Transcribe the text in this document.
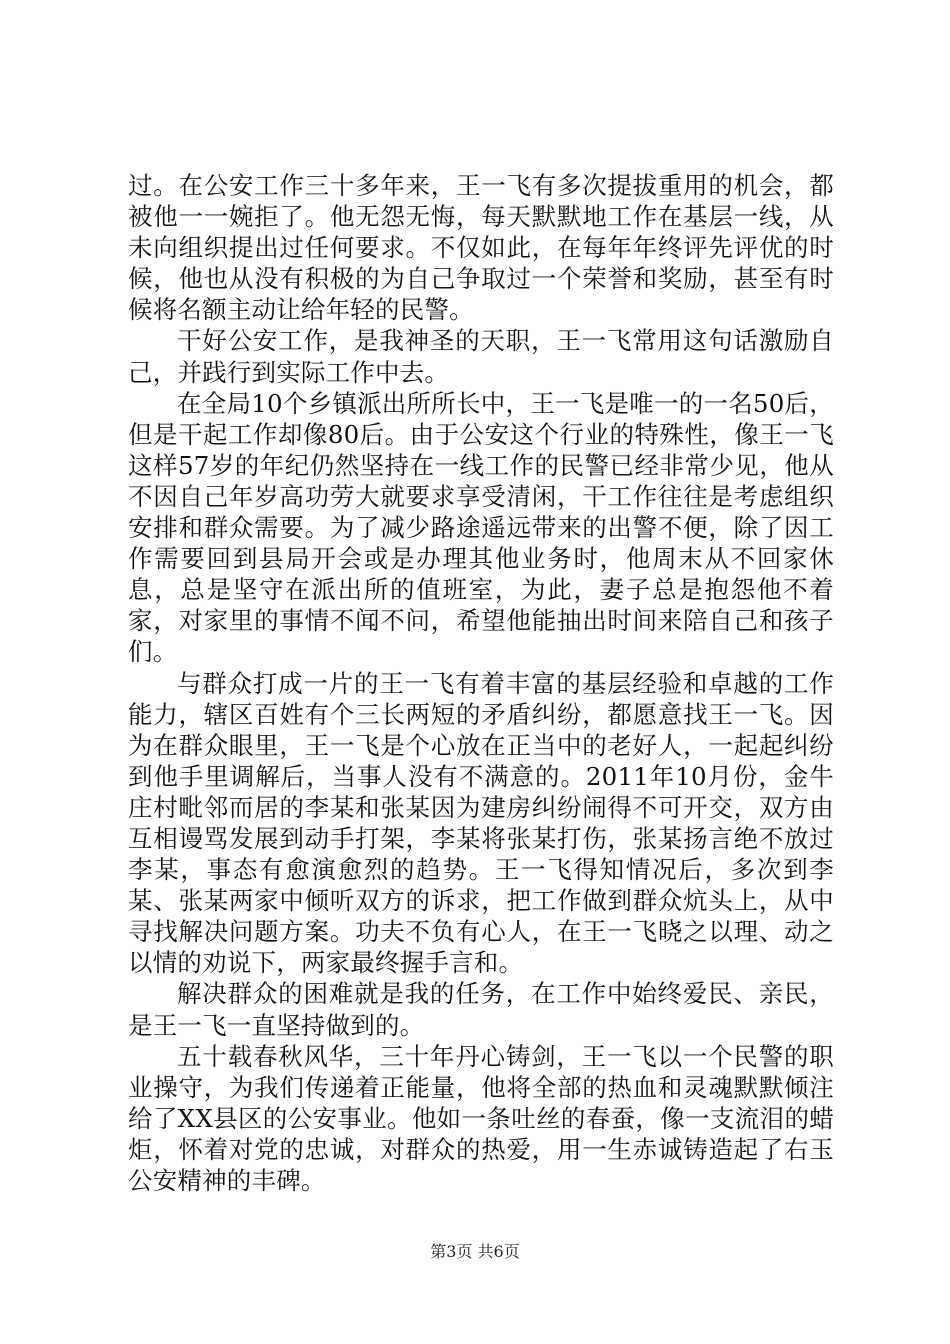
过。在公安工作三十多年来，王一飞有多次提拔重用的机会，都被他一一婉拒了。他无怨无悔，每天默默地工作在基层一线，从未向组织提出过任何要求。不仅如此，在每年年终评先评优的时候，他也从没有积极的为自己争取过一个荣誉和奖励，甚至有时候将名额主动让给年轻的民警。

干好公安工作，是我神圣的天职，王一飞常用这句话激励自己，并践行到实际工作中去。

在全局10个乡镇派出所所长中，王一飞是唯一的一名50后，但是干起工作却像80后。由于公安这个行业的特殊性，像王一飞这样57岁的年纪仍然坚持在一线工作的民警已经非常少见，他从不因自己年岁高功劳大就要求享受清闲，干工作往往是考虑组织安排和群众需要。为了减少路途遥远带来的出警不便，除了因工作需要回到县局开会或是办理其他业务时，他周末从不回家休息，总是坚守在派出所的值班室，为此，妻子总是抱怨他不着家，对家里的事情不闻不问，希望他能抽出时间来陪自己和孩子们。

与群众打成一片的王一飞有着丰富的基层经验和卓越的工作能力，辖区百姓有个三长两短的矛盾纠纷，都愿意找王一飞。因为在群众眼里，王一飞是个心放在正当中的老好人，一起起纠纷到他手里调解后，当事人没有不满意的。2011年10月份，金牛庄村毗邻而居的李某和张某因为建房纠纷闹得不可开交，双方由互相谩骂发展到动手打架，李某将张某打伤，张某扬言绝不放过李某，事态有愈演愈烈的趋势。王一飞得知情况后，多次到李某、张某两家中倾听双方的诉求，把工作做到群众炕头上，从中寻找解决问题方案。功夫不负有心人，在王一飞晓之以理、动之以情的劝说下，两家最终握手言和。

解决群众的困难就是我的任务，在工作中始终爱民、亲民，是王一飞一直坚持做到的。

五十载春秋风华，三十年丹心铸剑，王一飞以一个民警的职业操守，为我们传递着正能量，他将全部的热血和灵魂默默倾注给了XX县区的公安事业。他如一条吐丝的春蚕，像一支流泪的蜡炬，怀着对党的忠诚，对群众的热爱，用一生赤诚铸造起了右玉公安精神的丰碑。

第3页 共6页
